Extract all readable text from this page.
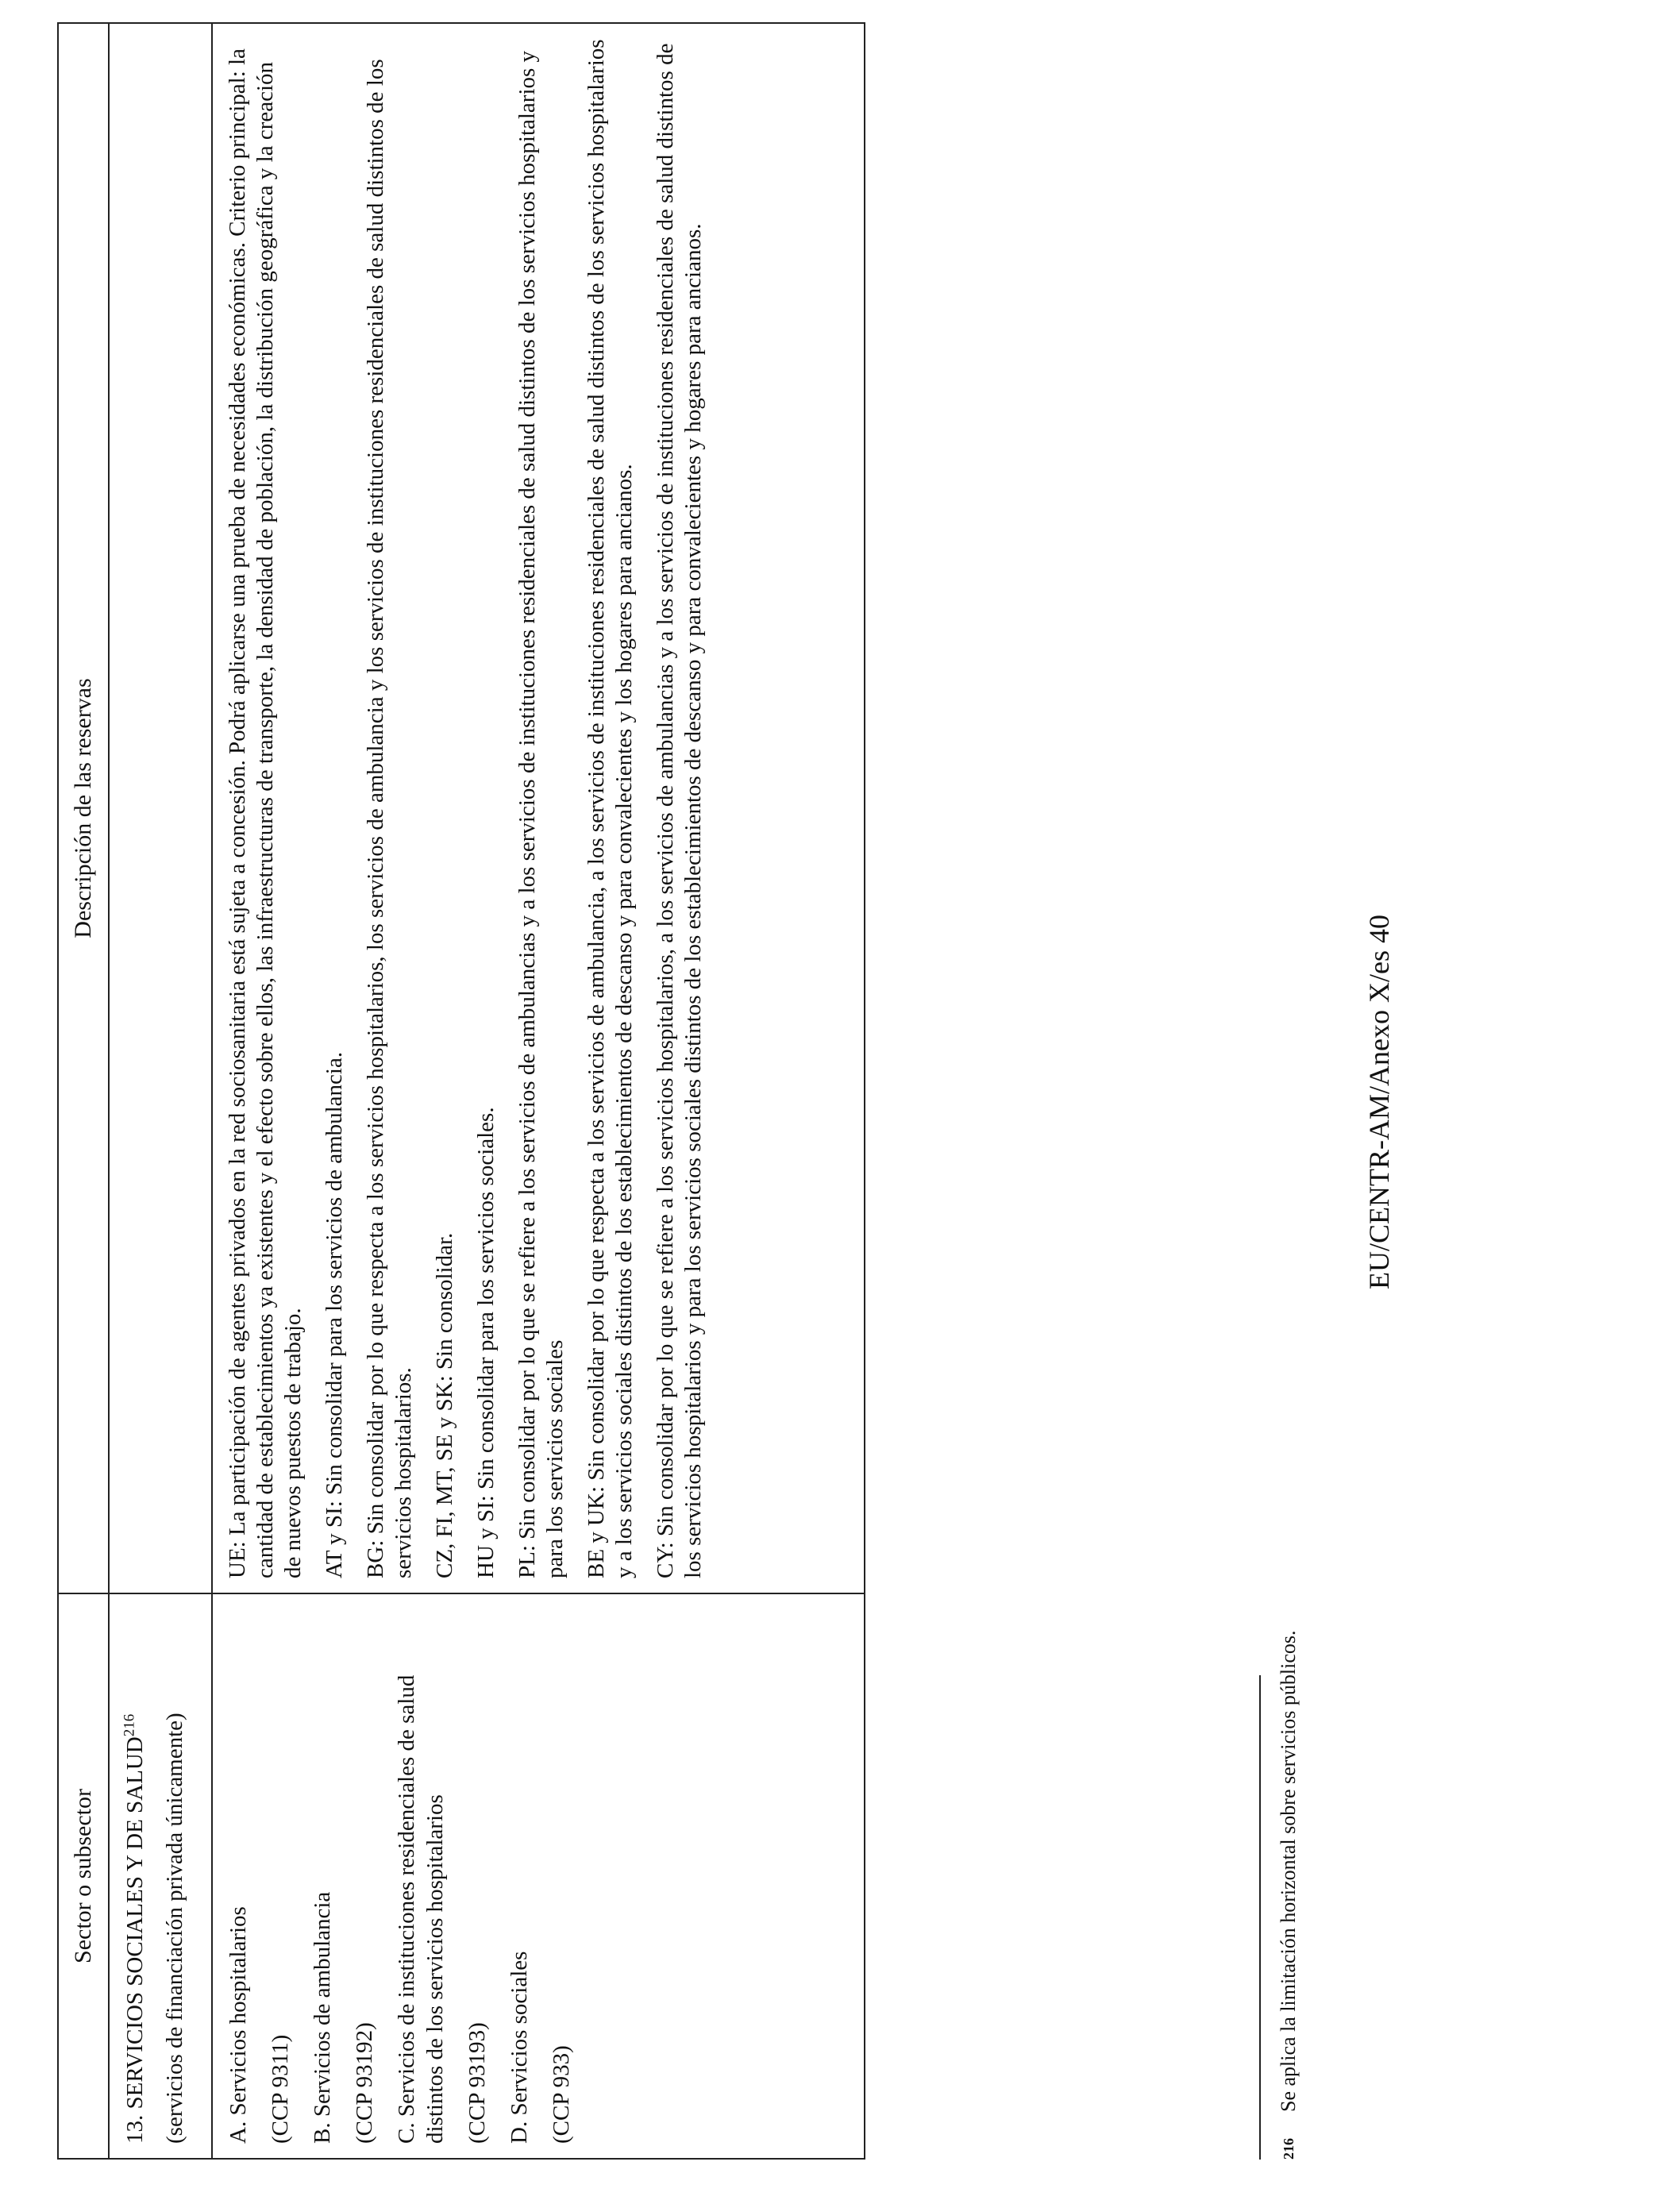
Sector o subsector
Descripción de las reservas

13. SERVICIOS SOCIALES Y DE SALUD$^{216}$	(servicios de financiación privada únicamente) A. Servicios hospitalarios (CCP 9311) B. Servicios de ambulancia (CCP 93192) C. Servicios de instituciones residenciales de salud distintos de los servicios hospitalarios (CCP 93193) D. Servicios sociales (CCP 933)

UE: La participación de agentes privados en la red sociosanitaria está sujeta a concesión. Podrá aplicarse una prueba de necesidades económicas. Criterio principal: la cantidad de establecimientos ya existentes y el efecto sobre ellos, las infraestructuras de transporte, la densidad de población, la distribución geográfica y la creación de nuevos puestos de trabajo. AT y SI: Sin consolidar para los servicios de ambulancia. BG: Sin consolidar por lo que respecta a los servicios hospitalarios, los servicios de ambulancia y los servicios de instituciones residenciales de salud distintos de los servicios hospitalarios. CZ, FI, MT, SE y SK: Sin consolidar. HU y SI: Sin consolidar para los servicios sociales. PL: Sin consolidar por lo que se refiere a los servicios de ambulancias y a los servicios de instituciones residenciales de salud distintos de los servicios hospitalarios y para los servicios sociales BE y UK: Sin consolidar por lo que respecta a los servicios de ambulancia, a los servicios de instituciones residenciales de salud distintos de los servicios hospitalarios y a los servicios sociales distintos de los establecimientos de descanso y para convalecientes y los hogares para ancianos. CY: Sin consolidar por lo que se refiere a los servicios hospitalarios, a los servicios de ambulancias y a los servicios de instituciones residenciales de salud distintos de los servicios hospitalarios y para los servicios sociales distintos de los establecimientos de descanso y para convalecientes y hogares para ancianos.

216
Se aplica la limitación horizontal sobre servicios públicos.
EU/CENTR-AM/Anexo X/es 40
